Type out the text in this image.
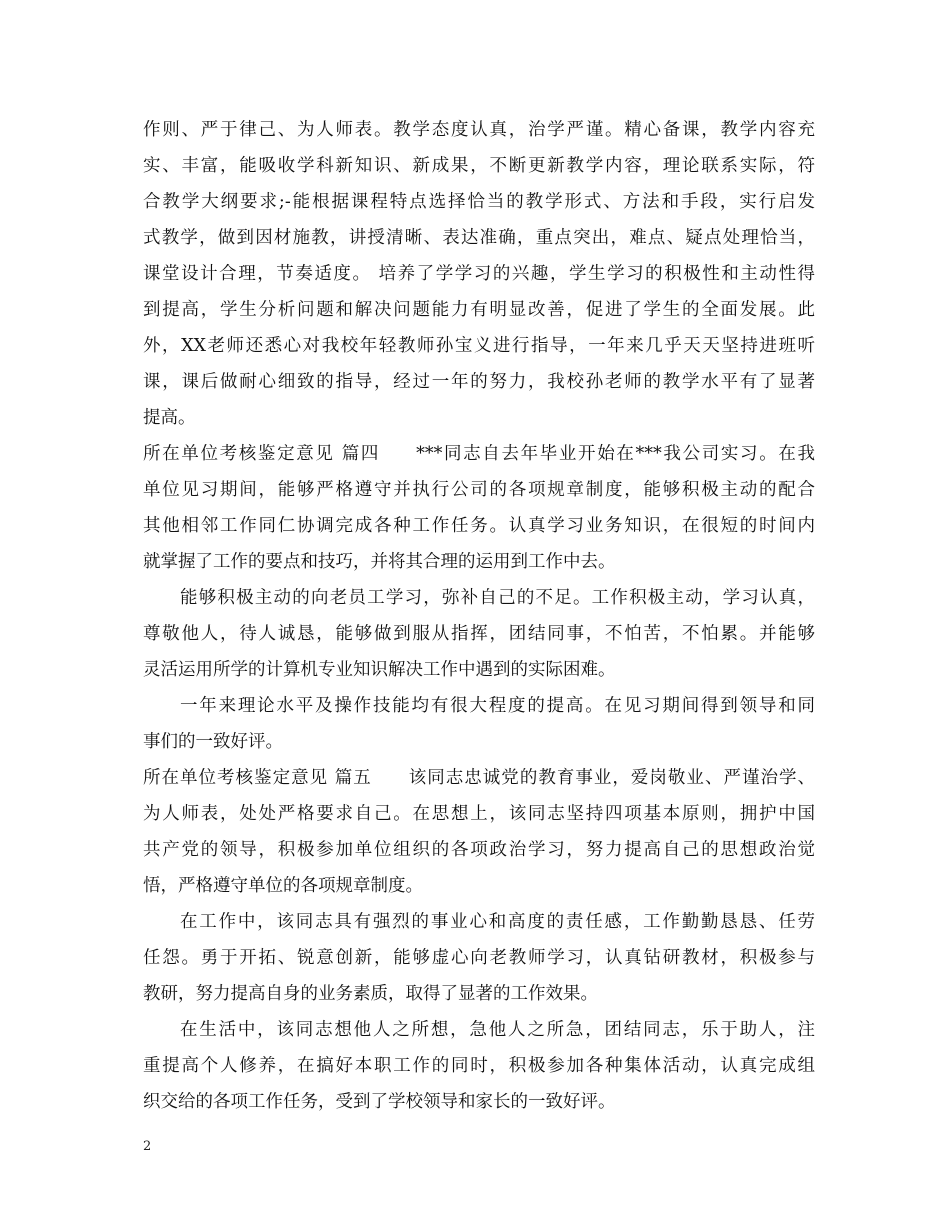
作则、严于律己、为人师表。教学态度认真，治学严谨。精心备课，教学内容充
实、丰富，能吸收学科新知识、新成果，不断更新教学内容，理论联系实际，符
合教学大纲要求;-能根据课程特点选择恰当的教学形式、方法和手段，实行启发
式教学，做到因材施教，讲授清晰、表达准确，重点突出，难点、疑点处理恰当，
课堂设计合理，节奏适度。 培养了学学习的兴趣，学生学习的积极性和主动性得
到提高，学生分析问题和解决问题能力有明显改善，促进了学生的全面发展。此
外，XX老师还悉心对我校年轻教师孙宝义进行指导，一年来几乎天天坚持进班听
课，课后做耐心细致的指导，经过一年的努力，我校孙老师的教学水平有了显著
提高。
所在单位考核鉴定意见 篇四 ***同志自去年毕业开始在***我公司实习。在我
单位见习期间，能够严格遵守并执行公司的各项规章制度，能够积极主动的配合
其他相邻工作同仁协调完成各种工作任务。认真学习业务知识，在很短的时间内
就掌握了工作的要点和技巧，并将其合理的运用到工作中去。
能够积极主动的向老员工学习，弥补自己的不足。工作积极主动，学习认真，
尊敬他人，待人诚恳，能够做到服从指挥，团结同事，不怕苦，不怕累。并能够
灵活运用所学的计算机专业知识解决工作中遇到的实际困难。
一年来理论水平及操作技能均有很大程度的提高。在见习期间得到领导和同
事们的一致好评。
所在单位考核鉴定意见 篇五 该同志忠诚党的教育事业，爱岗敬业、严谨治学、
为人师表，处处严格要求自己。在思想上，该同志坚持四项基本原则，拥护中国
共产党的领导，积极参加单位组织的各项政治学习，努力提高自己的思想政治觉
悟，严格遵守单位的各项规章制度。
在工作中，该同志具有强烈的事业心和高度的责任感，工作勤勤恳恳、任劳
任怨。勇于开拓、锐意创新，能够虚心向老教师学习，认真钻研教材，积极参与
教研，努力提高自身的业务素质，取得了显著的工作效果。
在生活中，该同志想他人之所想，急他人之所急，团结同志，乐于助人，注
重提高个人修养，在搞好本职工作的同时，积极参加各种集体活动，认真完成组
织交给的各项工作任务，受到了学校领导和家长的一致好评。
2
